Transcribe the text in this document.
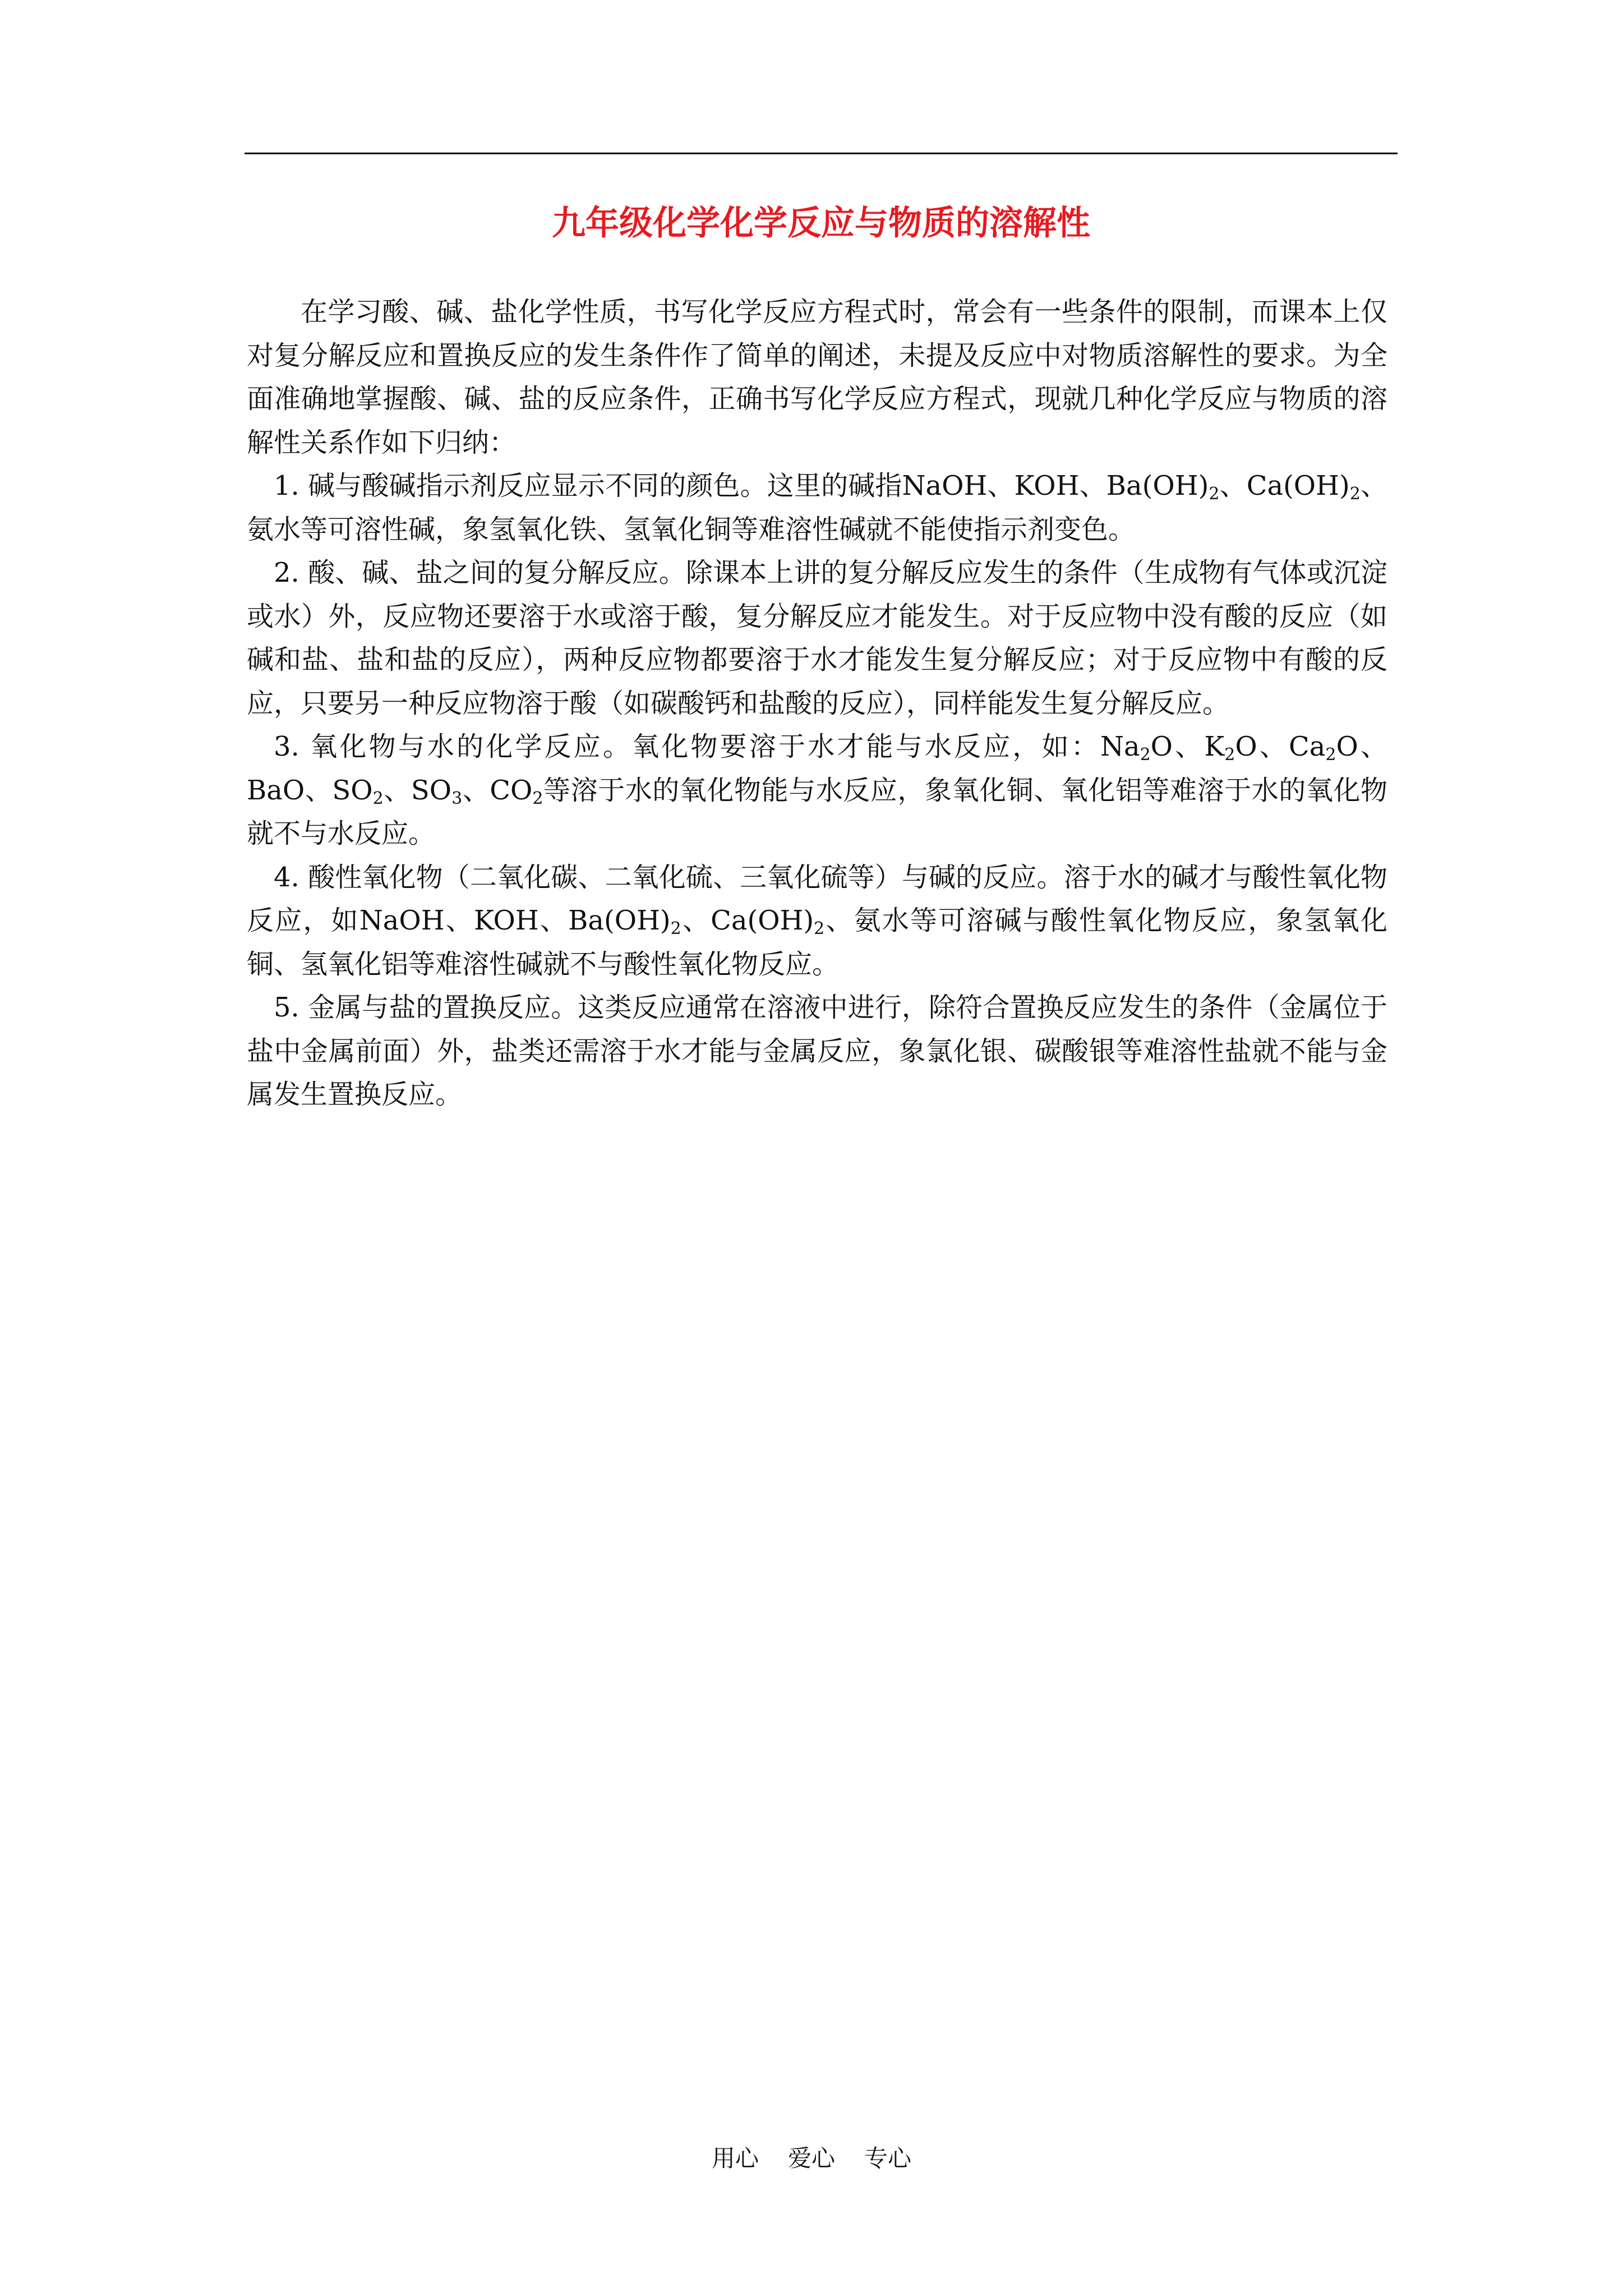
九年级化学化学反应与物质的溶解性

在学习酸、碱、盐化学性质，书写化学反应方程式时，常会有一些条件的限制，而课本上仅对复分解反应和置换反应的发生条件作了简单的阐述，未提及反应中对物质溶解性的要求。为全面准确地掌握酸、碱、盐的反应条件，正确书写化学反应方程式，现就几种化学反应与物质的溶解性关系作如下归纳：

1. 碱与酸碱指示剂反应显示不同的颜色。这里的碱指NaOH、KOH、$Ba(OH)_2$、$Ca(OH)_2$、氨水等可溶性碱，象氢氧化铁、氢氧化铜等难溶性碱就不能使指示剂变色。

2. 酸、碱、盐之间的复分解反应。除课本上讲的复分解反应发生的条件（生成物有气体或沉淀或水）外，反应物还要溶于水或溶于酸，复分解反应才能发生。对于反应物中没有酸的反应（如碱和盐、盐和盐的反应），两种反应物都要溶于水才能发生复分解反应；对于反应物中有酸的反应，只要另一种反应物溶于酸（如碳酸钙和盐酸的反应），同样能发生复分解反应。

3. 氧化物与水的化学反应。氧化物要溶于水才能与水反应，如：$Na_2O$、$K_2O$、$Ca_2O$、BaO、$SO_2$、$SO_3$、$CO_2$等溶于水的氧化物能与水反应，象氧化铜、氧化铝等难溶于水的氧化物就不与水反应。

4. 酸性氧化物（二氧化碳、二氧化硫、三氧化硫等）与碱的反应。溶于水的碱才与酸性氧化物反应，如NaOH、KOH、$Ba(OH)_2$、$Ca(OH)_2$、氨水等可溶碱与酸性氧化物反应，象氢氧化铜、氢氧化铝等难溶性碱就不与酸性氧化物反应。

5. 金属与盐的置换反应。这类反应通常在溶液中进行，除符合置换反应发生的条件（金属位于盐中金属前面）外，盐类还需溶于水才能与金属反应，象氯化银、碳酸银等难溶性盐就不能与金属发生置换反应。

用心 爱心 专心
